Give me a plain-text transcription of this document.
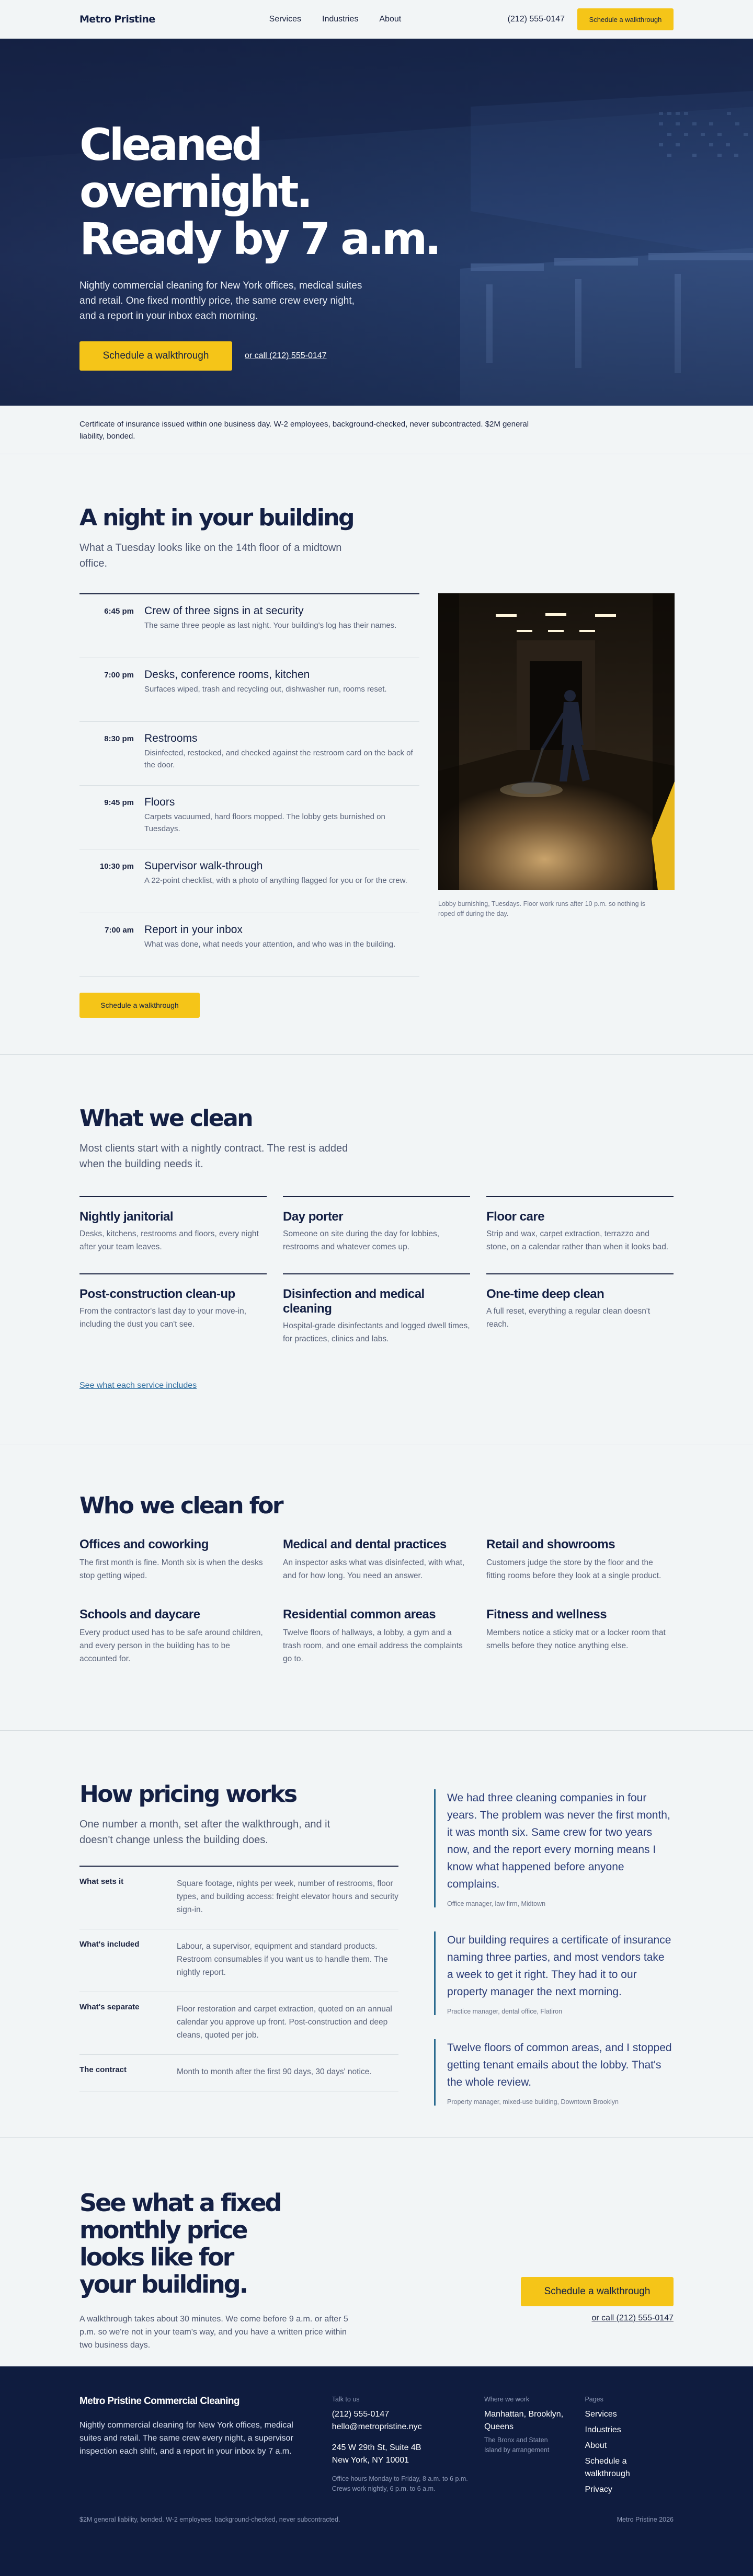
Metro Pristine	Services	Industries	About	(212) 555-0147	Schedule a walkthrough
Cleaned overnight.
Ready by 7 a.m.

Nightly commercial cleaning for New York offices, medical suites and retail. One fixed monthly price, the same crew every night, and a report in your inbox each morning.

Schedule a walkthrough	or call (212) 555-0147

Certificate of insurance issued within one business day. W-2 employees, background-checked, never subcontracted. $2M general liability, bonded.

A night in your building

What a Tuesday looks like on the 14th floor of a midtown office.

6:45 pm Crew of three signs in at security
The same three people as last night. Your building's log has their names.
7:00 pm Desks, conference rooms, kitchen
Surfaces wiped, trash and recycling out, dishwasher run, rooms reset.
8:30 pm Restrooms
Disinfected, restocked, and checked against the restroom card on the back of the door.
9:45 pm Floors
Carpets vacuumed, hard floors mopped. The lobby gets burnished on Tuesdays.
10:30 pm Supervisor walk-through
A 22-point checklist, with a photo of anything flagged for you or for the crew.
7:00 am Report in your inbox
What was done, what needs your attention, and who was in the building.
Schedule a walkthrough
Lobby burnishing, Tuesdays. Floor work runs after 10 p.m. so nothing is roped off during the day.
What we clean

Most clients start with a nightly contract. The rest is added when the building needs it.

Nightly janitorial
Desks, kitchens, restrooms and floors, every night after your team leaves.
Day porter
Someone on site during the day for lobbies, restrooms and whatever comes up.
Floor care
Strip and wax, carpet extraction, terrazzo and stone, on a calendar rather than when it looks bad.
Post-construction clean-up
From the contractor's last day to your move-in, including the dust you can't see.
Disinfection and medical cleaning
Hospital-grade disinfectants and logged dwell times, for practices, clinics and labs.
One-time deep clean
A full reset, everything a regular clean doesn't reach.
See what each service includes
Who we clean for
Offices and coworking
The first month is fine. Month six is when the desks stop getting wiped.
Medical and dental practices
An inspector asks what was disinfected, with what, and for how long. You need an answer.
Retail and showrooms
Customers judge the store by the floor and the fitting rooms before they look at a single product.
Schools and daycare
Every product used has to be safe around children, and every person in the building has to be accounted for.
Residential common areas
Twelve floors of hallways, a lobby, a gym and a trash room, and one email address the complaints go to.
Fitness and wellness
Members notice a sticky mat or a locker room that smells before they notice anything else.
How pricing works

One number a month, set after the walkthrough, and it doesn't change unless the building does.

What sets it	Square footage, nights per week, number of restrooms, floor types, and building access: freight elevator hours and security sign-in.
What's included	Labour, a supervisor, equipment and standard products. Restroom consumables if you want us to handle them. The nightly report.
What's separate	Floor restoration and carpet extraction, quoted on an annual calendar you approve up front. Post-construction and deep cleans, quoted per job.
The contract	Month to month after the first 90 days, 30 days' notice.
We had three cleaning companies in four years. The problem was never the first month, it was month six. Same crew for two years now, and the report every morning means I know what happened before anyone complains.
Office manager, law firm, Midtown
Our building requires a certificate of insurance naming three parties, and most vendors take a week to get it right. They had it to our property manager the next morning.
Practice manager, dental office, Flatiron
Twelve floors of common areas, and I stopped getting tenant emails about the lobby. That's the whole review.
Property manager, mixed-use building, Downtown Brooklyn
See what a fixed monthly price looks like for your building.

A walkthrough takes about 30 minutes. We come before 9 a.m. or after 5 p.m. so we're not in your team's way, and you have a written price within two business days.

Schedule a walkthrough
or call (212) 555-0147
Metro Pristine Commercial Cleaning
Nightly commercial cleaning for New York offices, medical suites and retail. The same crew every night, a supervisor inspection each shift, and a report in your inbox by 7 a.m.
Talk to us
(212) 555-0147
hello@metropristine.nyc
245 W 29th St, Suite 4B
New York, NY 10001
Office hours Monday to Friday, 8 a.m. to 6 p.m.
Crews work nightly, 6 p.m. to 6 a.m.
Where we work
Manhattan, Brooklyn, Queens
The Bronx and Staten Island by arrangement
Pages
Services
Industries
About
Schedule a walkthrough
Privacy
$2M general liability, bonded. W-2 employees, background-checked, never subcontracted.	Metro Pristine 2026
